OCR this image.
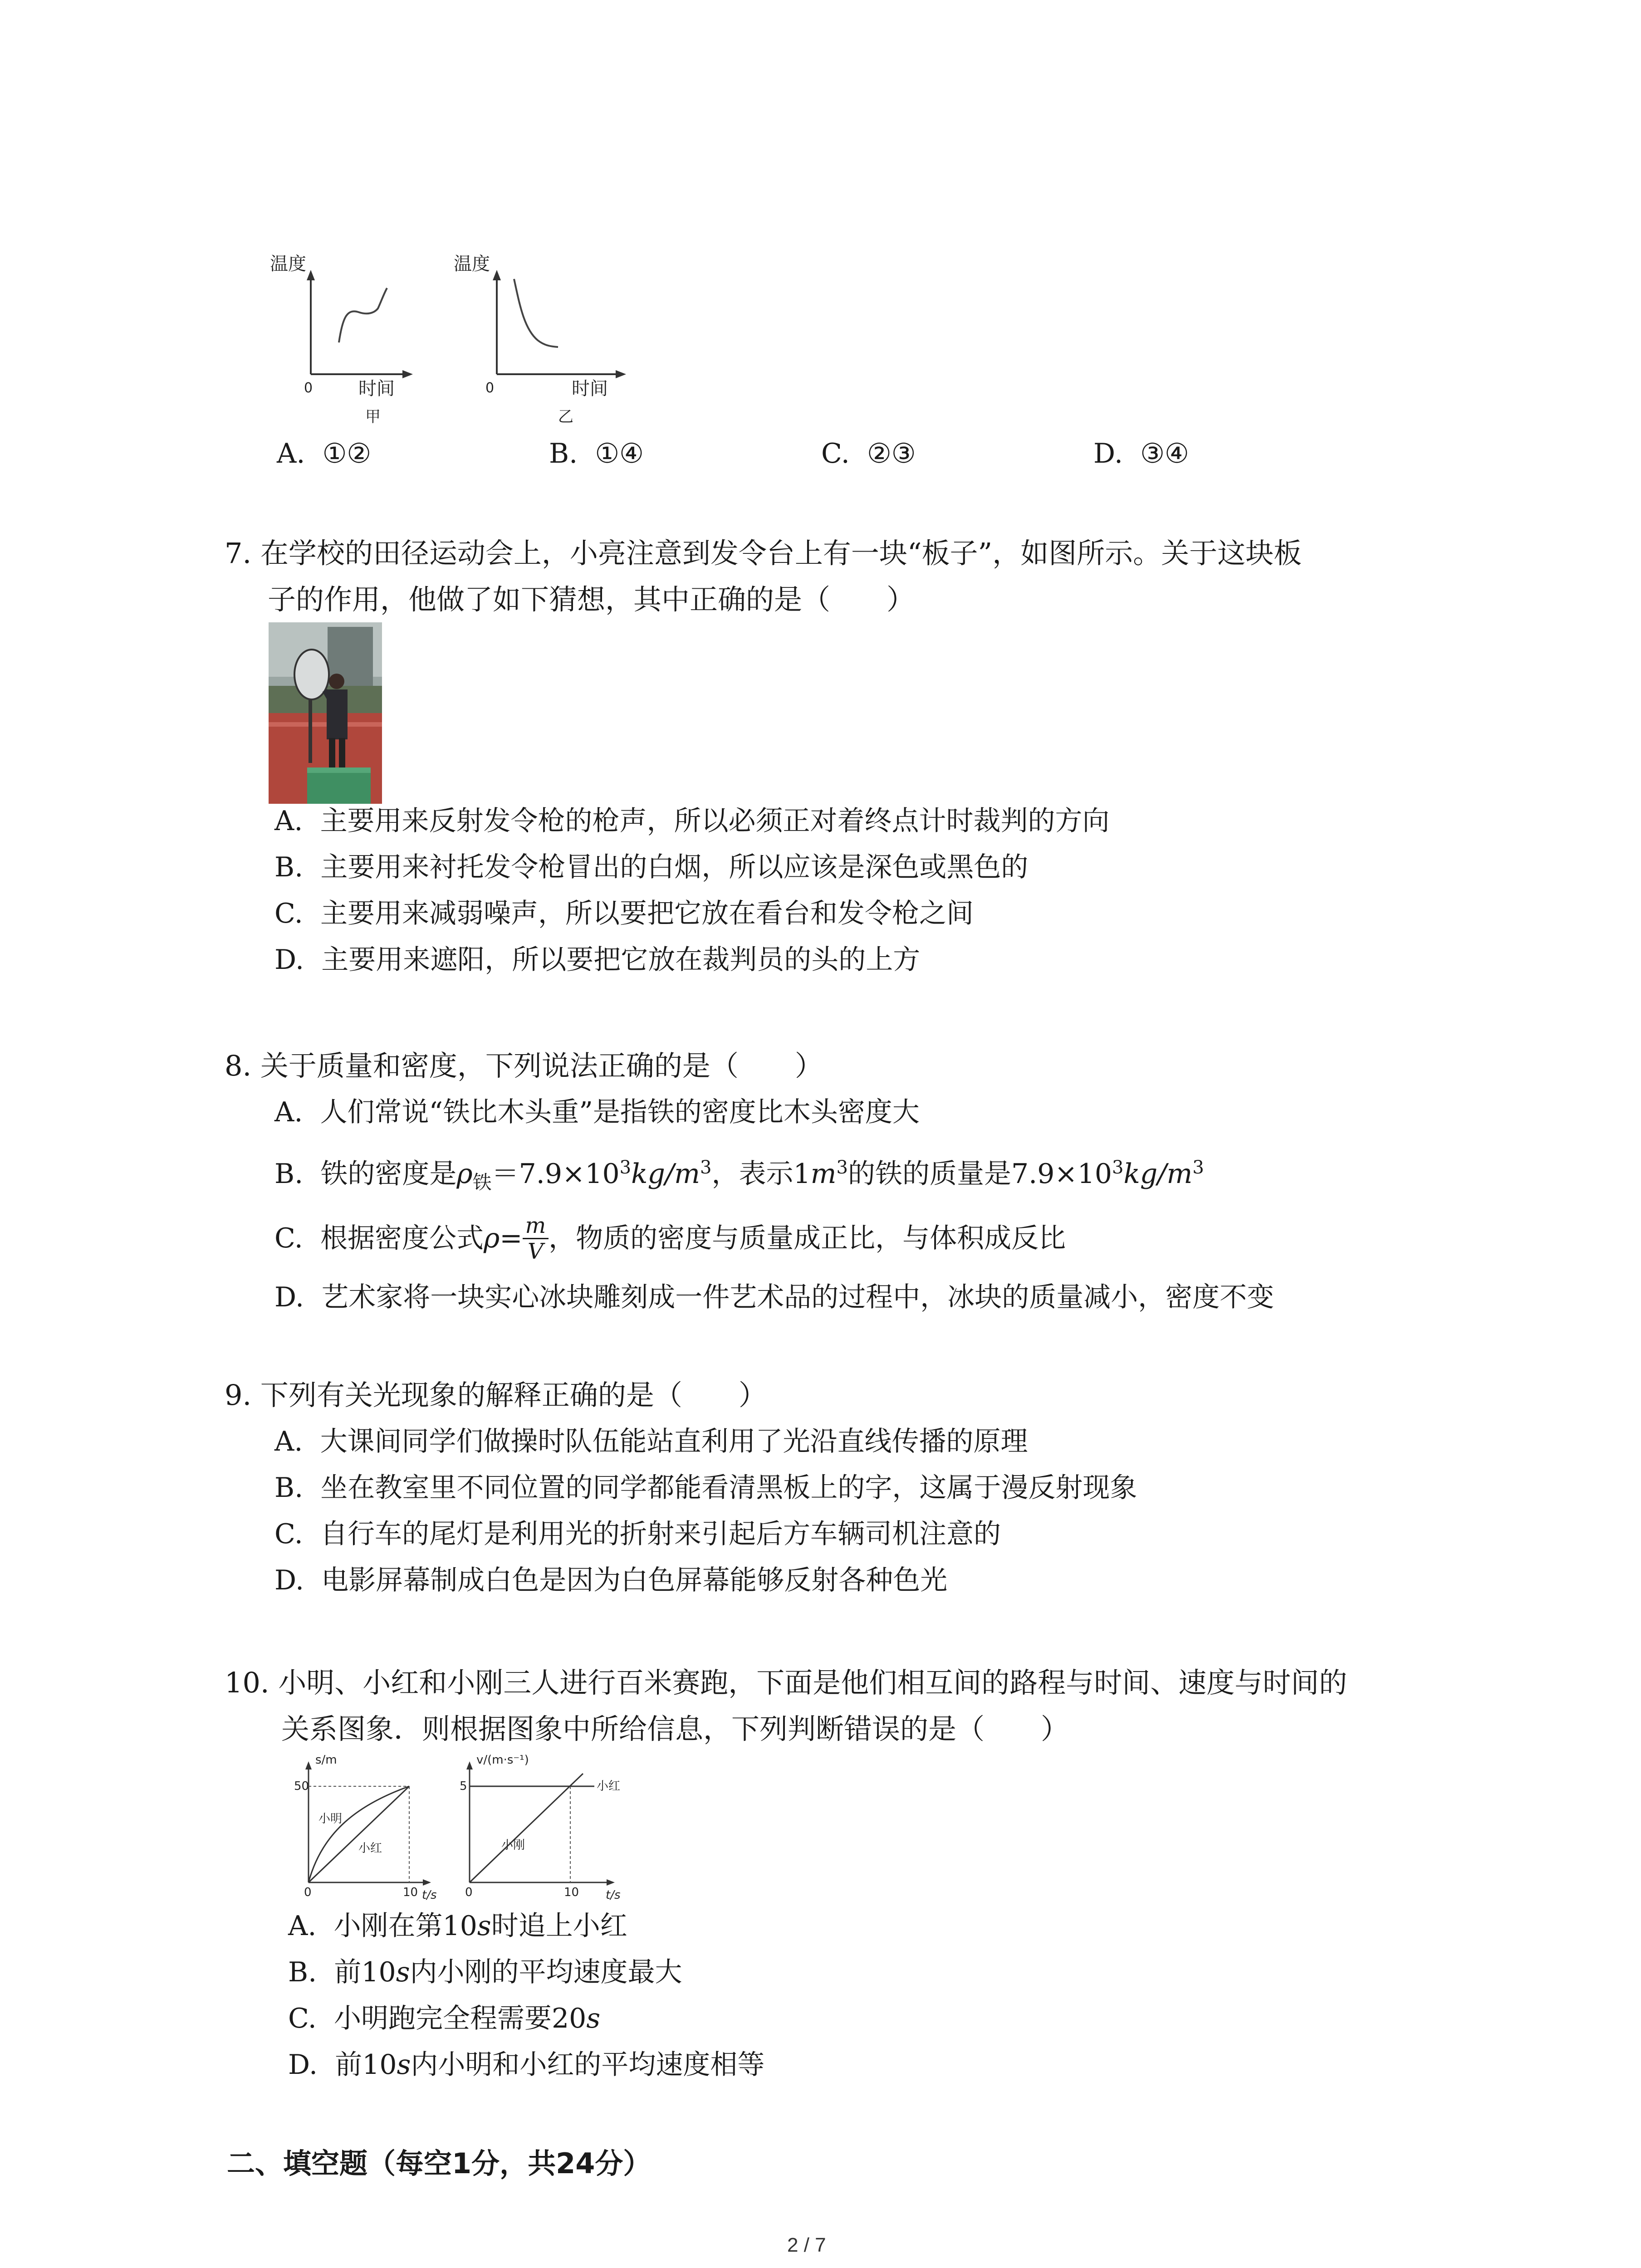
温度
0	时间
甲
温度
0	时间
乙
A. ①②	B. ①④	C. ②③	D. ③④
7. 在学校的田径运动会上，小亮注意到发令台上有一块“板子”，如图所示。关于这块板
子的作用，他做了如下猜想，其中正确的是（　　）
A. 主要用来反射发令枪的枪声，所以必须正对着终点计时裁判的方向
B. 主要用来衬托发令枪冒出的白烟，所以应该是深色或黑色的
C. 主要用来减弱噪声，所以要把它放在看台和发令枪之间
D. 主要用来遮阳，所以要把它放在裁判员的头的上方
8. 关于质量和密度，下列说法正确的是（　　）
A. 人们常说“铁比木头重”是指铁的密度比木头密度大
B. 铁的密度是$\rho_铁=7.9\times 10^3kg/m^3$，表示$1m^3$的铁的质量是$7.9\times 10^3kg/m^3$
C.
根据密度公式 $\rho = \frac{m}{V}$ ，物质的密度与质量成正比，与体积成反比
D. 艺术家将一块实心冰块雕刻成一件艺术品的过程中，冰块的质量减小，密度不变
9. 下列有关光现象的解释正确的是（　　）
A. 大课间同学们做操时队伍能站直利用了光沿直线传播的原理
B. 坐在教室里不同位置的同学都能看清黑板上的字，这属于漫反射现象
C. 自行车的尾灯是利用光的折射来引起后方车辆司机注意的
D. 电影屏幕制成白色是因为白色屏幕能够反射各种色光
10. 小明、小红和小刚三人进行百米赛跑，下面是他们相互间的路程与时间、速度与时间的
关系图象．则根据图象中所给信息，下列判断错误的是（　　）
s/m
50
0	10 t/s
小明
小红
v/(m·s⁻¹)
5
0	10 t/s
小红
小刚
A. 小刚在第10s时追上小红
B. 前10s内小刚的平均速度最大
C. 小明跑完全程需要20s
D. 前10s内小明和小红的平均速度相等
二、填空题（每空1分，共24分）
2 / 7
